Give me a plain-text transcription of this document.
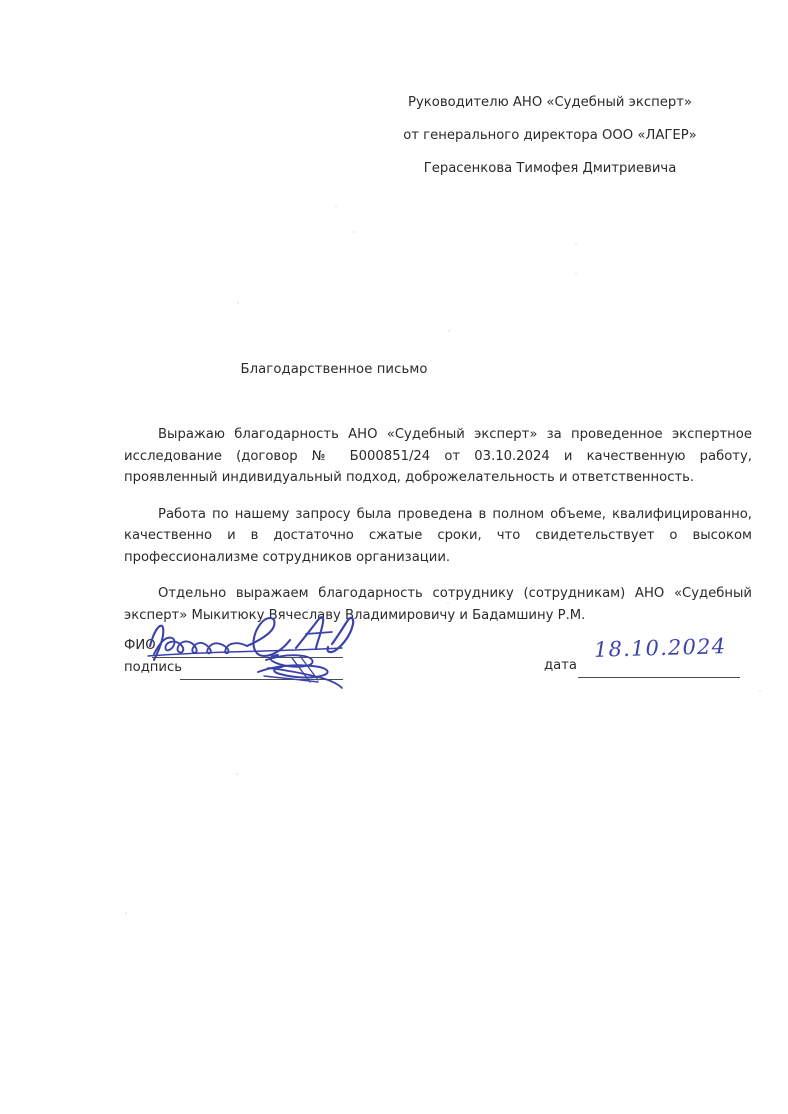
Руководителю АНО «Судебный эксперт»
от генерального директора ООО «ЛАГЕР»
Герасенкова Тимофея Дмитриевича
Благодарственное письмо

Выражаю благодарность АНО «Судебный эксперт» за проведенное экспертное исследование (договор № Б000851/24 от 03.10.2024 и качественную работу, проявленный индивидуальный подход, доброжелательность и ответственность.

Работа по нашему запросу была проведена в полном объеме, квалифицированно, качественно и в достаточно сжатые сроки, что свидетельствует о высоком профессионализме сотрудников организации.

Отдельно выражаем благодарность сотруднику (сотрудникам) АНО «Судебный эксперт» Мыкитюку Вячеславу Владимировичу и Бадамшину Р.М.

ФИО
подпись	дата
18.10.2024
